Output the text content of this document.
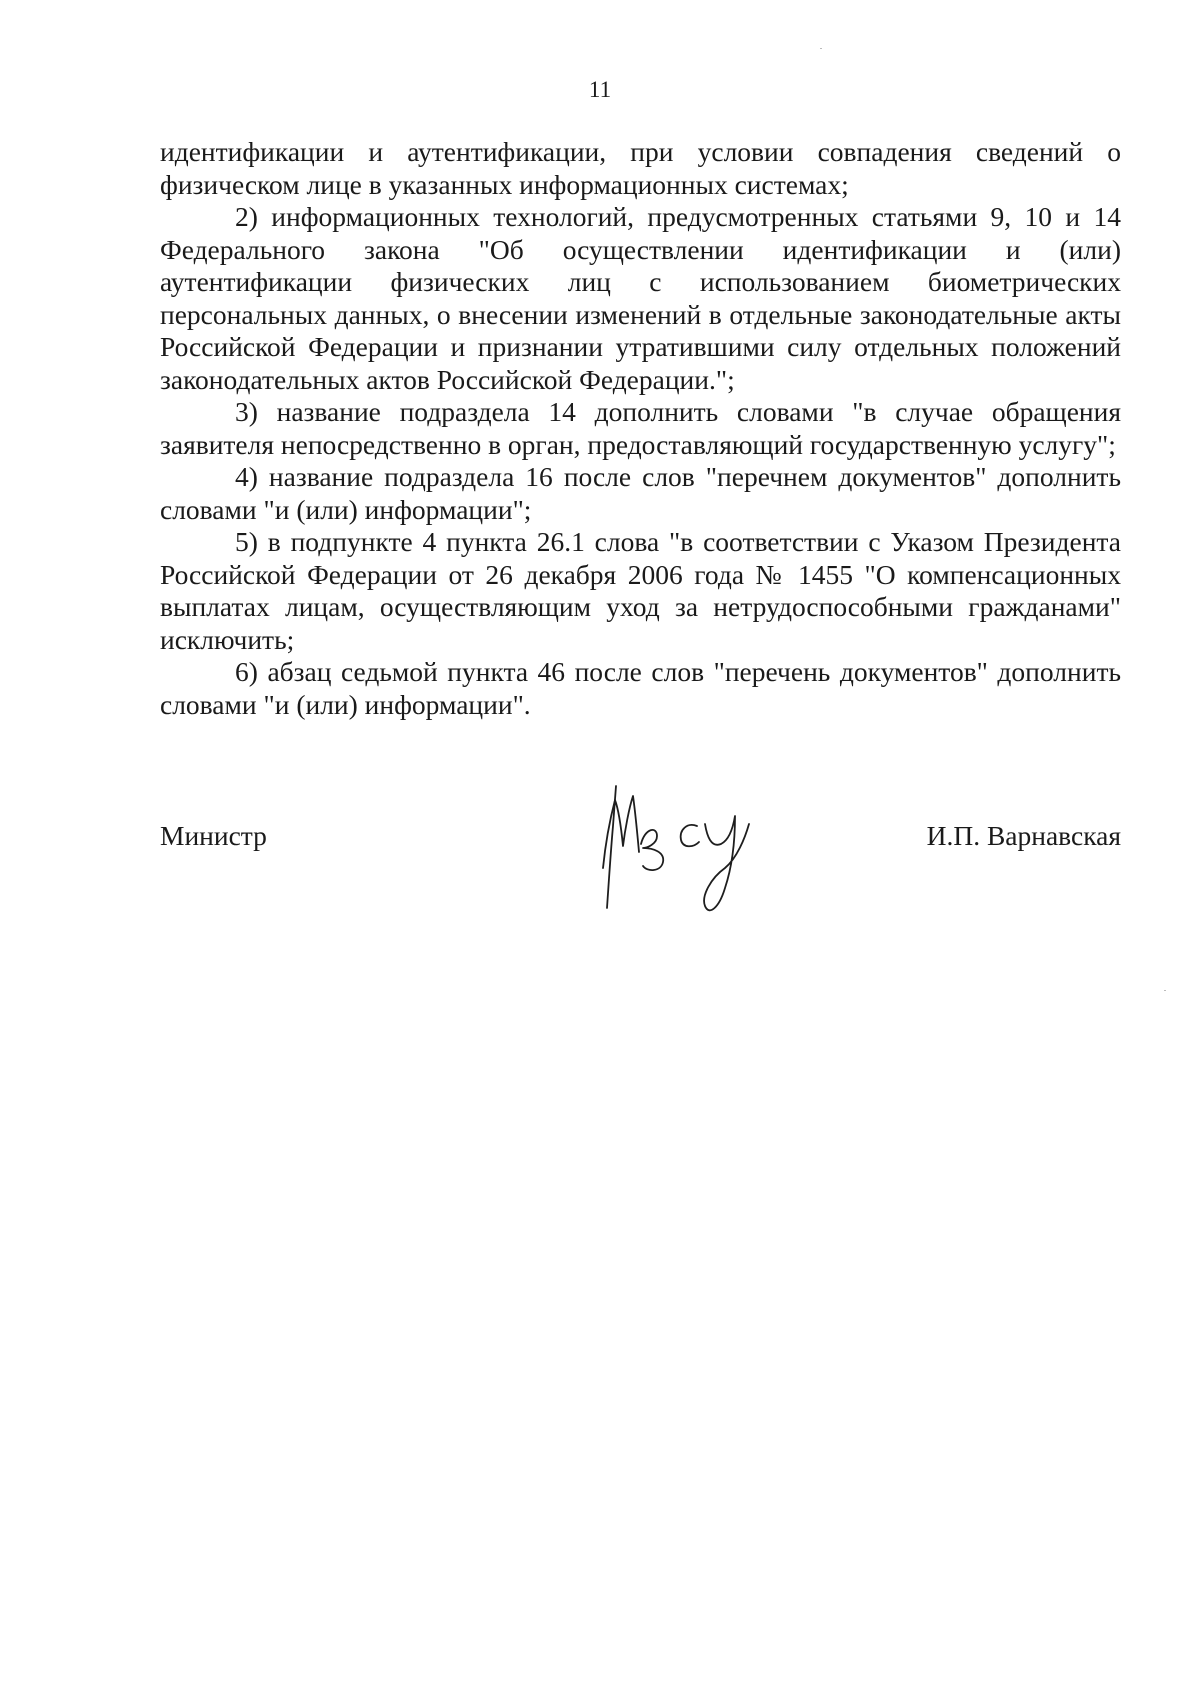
11

идентификации и аутентификации, при условии совпадения сведений о физическом лице в указанных информационных системах;

2) информационных технологий, предусмотренных статьями 9, 10 и 14 Федерального закона "Об осуществлении идентификации и (или) аутентификации физических лиц с использованием биометрических персональных данных, о внесении изменений в отдельные законодательные акты Российской Федерации и признании утратившими силу отдельных положений законодательных актов Российской Федерации.";

3) название подраздела 14 дополнить словами "в случае обращения заявителя непосредственно в орган, предоставляющий государственную услугу";

4) название подраздела 16 после слов "перечнем документов" дополнить словами "и (или) информации";

5) в подпункте 4 пункта 26.1 слова "в соответствии с Указом Президента Российской Федерации от 26 декабря 2006 года № 1455 "О компенсационных выплатах лицам, осуществляющим уход за нетрудоспособными гражданами" исключить;

6) абзац седьмой пункта 46 после слов "перечень документов" дополнить словами "и (или) информации".

Министр	И.П. Варнавская
